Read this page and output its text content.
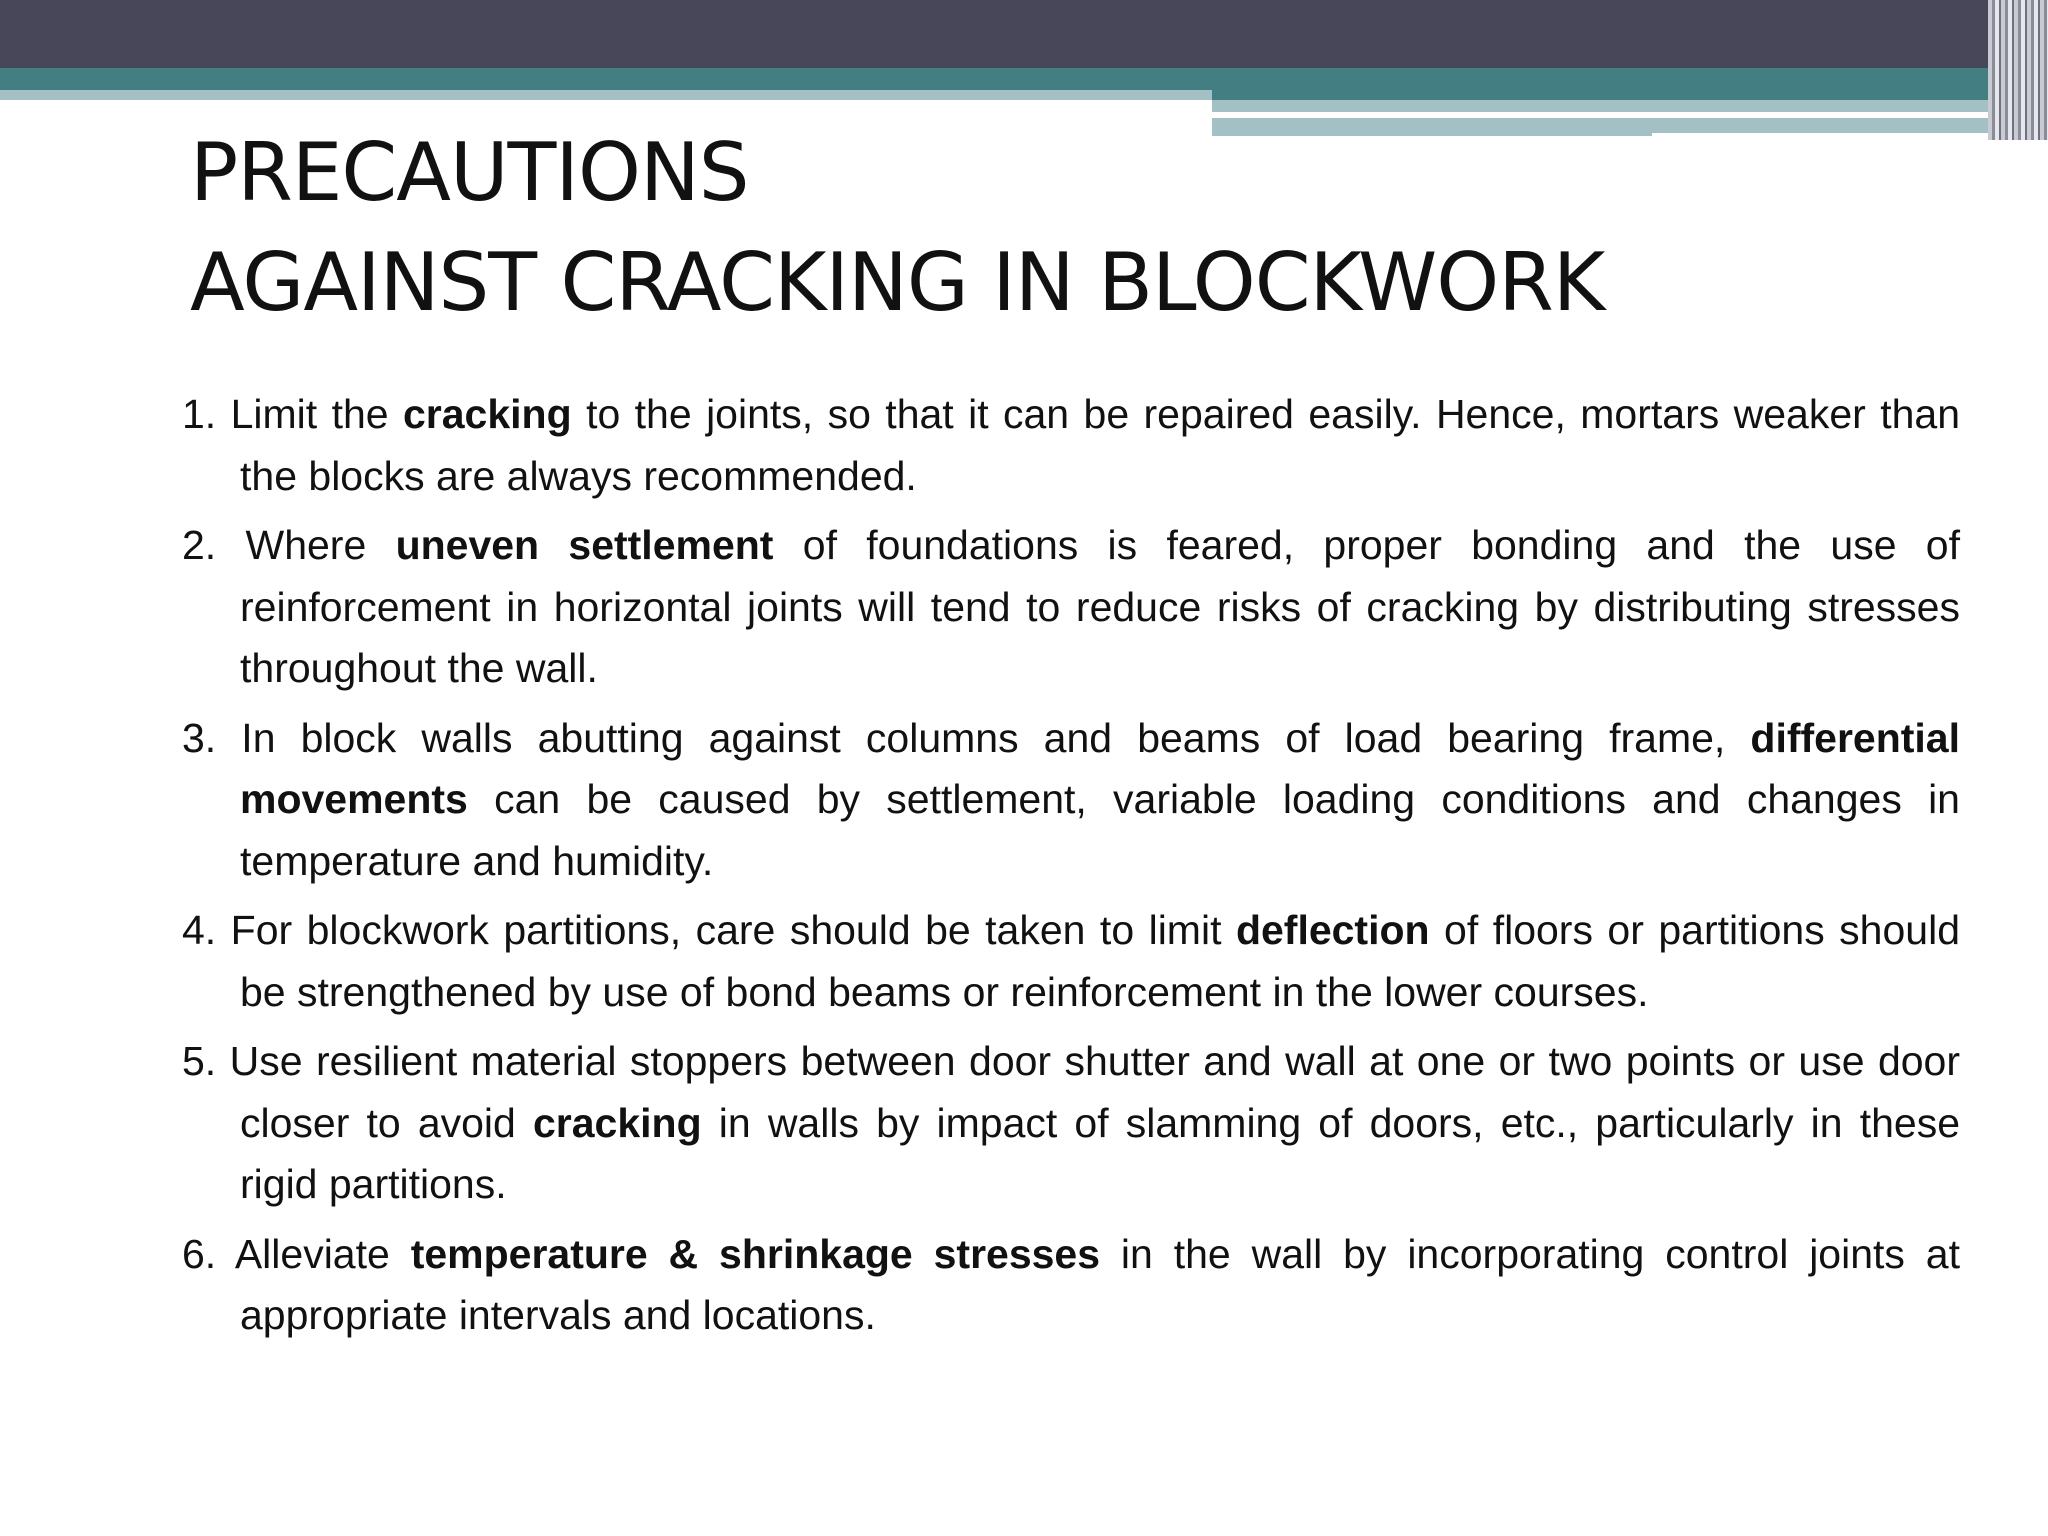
PRECAUTIONS
AGAINST CRACKING IN BLOCKWORK
1. Limit the cracking to the joints, so that it can be repaired easily. Hence, mortars weaker than the blocks are always recommended.
2. Where uneven settlement of foundations is feared, proper bonding and the use of reinforcement in horizontal joints will tend to reduce risks of cracking by distributing stresses throughout the wall.
3. In block walls abutting against columns and beams of load bearing frame, differential movements can be caused by settlement, variable loading conditions and changes in temperature and humidity.
4. For blockwork partitions, care should be taken to limit deflection of floors or partitions should be strengthened by use of bond beams or reinforcement in the lower courses.
5. Use resilient material stoppers between door shutter and wall at one or two points or use door closer to avoid cracking in walls by impact of slamming of doors, etc., particularly in these rigid partitions.
6. Alleviate temperature & shrinkage stresses in the wall by incorporating control joints at appropriate intervals and locations.
